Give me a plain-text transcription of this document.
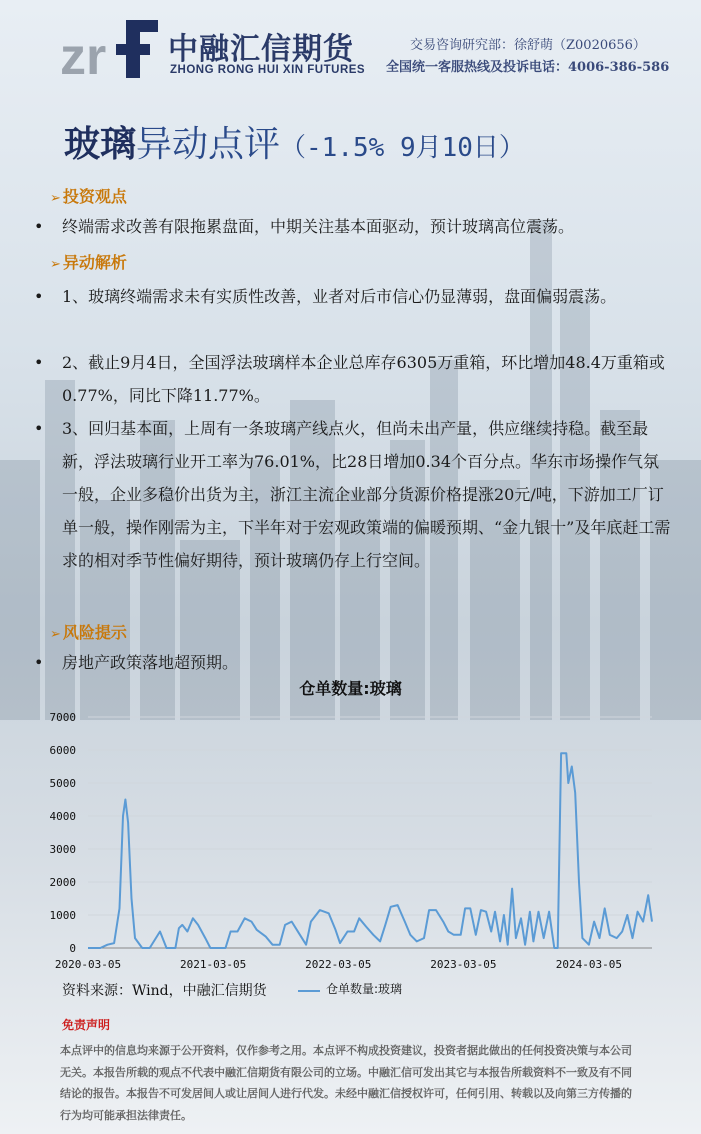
zr 中融汇信期货
ZHONG RONG HUI XIN FUTURES
交易咨询研究部：徐舒萌（Z0020656）
全国统一客服热线及投诉电话：4006-386-586
玻璃异动点评（-1.5% 9月10日）
➢ 投资观点
• 终端需求改善有限拖累盘面，中期关注基本面驱动，预计玻璃高位震荡。
➢ 异动解析
• 1、玻璃终端需求未有实质性改善，业者对后市信心仍显薄弱，盘面偏弱震荡。
• 2、截止9月4日，全国浮法玻璃样本企业总库存6305万重箱，环比增加48.4万重箱或0.77%，同比下降11.77%。
• 3、回归基本面，上周有一条玻璃产线点火，但尚未出产量，供应继续持稳。截至最新，浮法玻璃行业开工率为76.01%，比28日增加0.34个百分点。华东市场操作气氛一般，企业多稳价出货为主，浙江主流企业部分货源价格提涨20元/吨，下游加工厂订单一般，操作刚需为主，下半年对于宏观政策端的偏暖预期、“金九银十”及年底赶工需求的相对季节性偏好期待，预计玻璃仍存上行空间。
➢ 风险提示
• 房地产政策落地超预期。
仓单数量:玻璃
0
1000
2000
3000
4000
5000
6000
7000
2020-03-05	2021-03-05	2022-03-05	2023-03-05	2024-03-05
资料来源：Wind，中融汇信期货	仓单数量:玻璃
免责声明
本点评中的信息均来源于公开资料，仅作参考之用。本点评不构成投资建议，投资者据此做出的任何投资决策与本公司无关。本报告所载的观点不代表中融汇信期货有限公司的立场。中融汇信可发出其它与本报告所载资料不一致及有不同结论的报告。本报告不可发居间人或让居间人进行代发。未经中融汇信授权许可，任何引用、转载以及向第三方传播的行为均可能承担法律责任。
